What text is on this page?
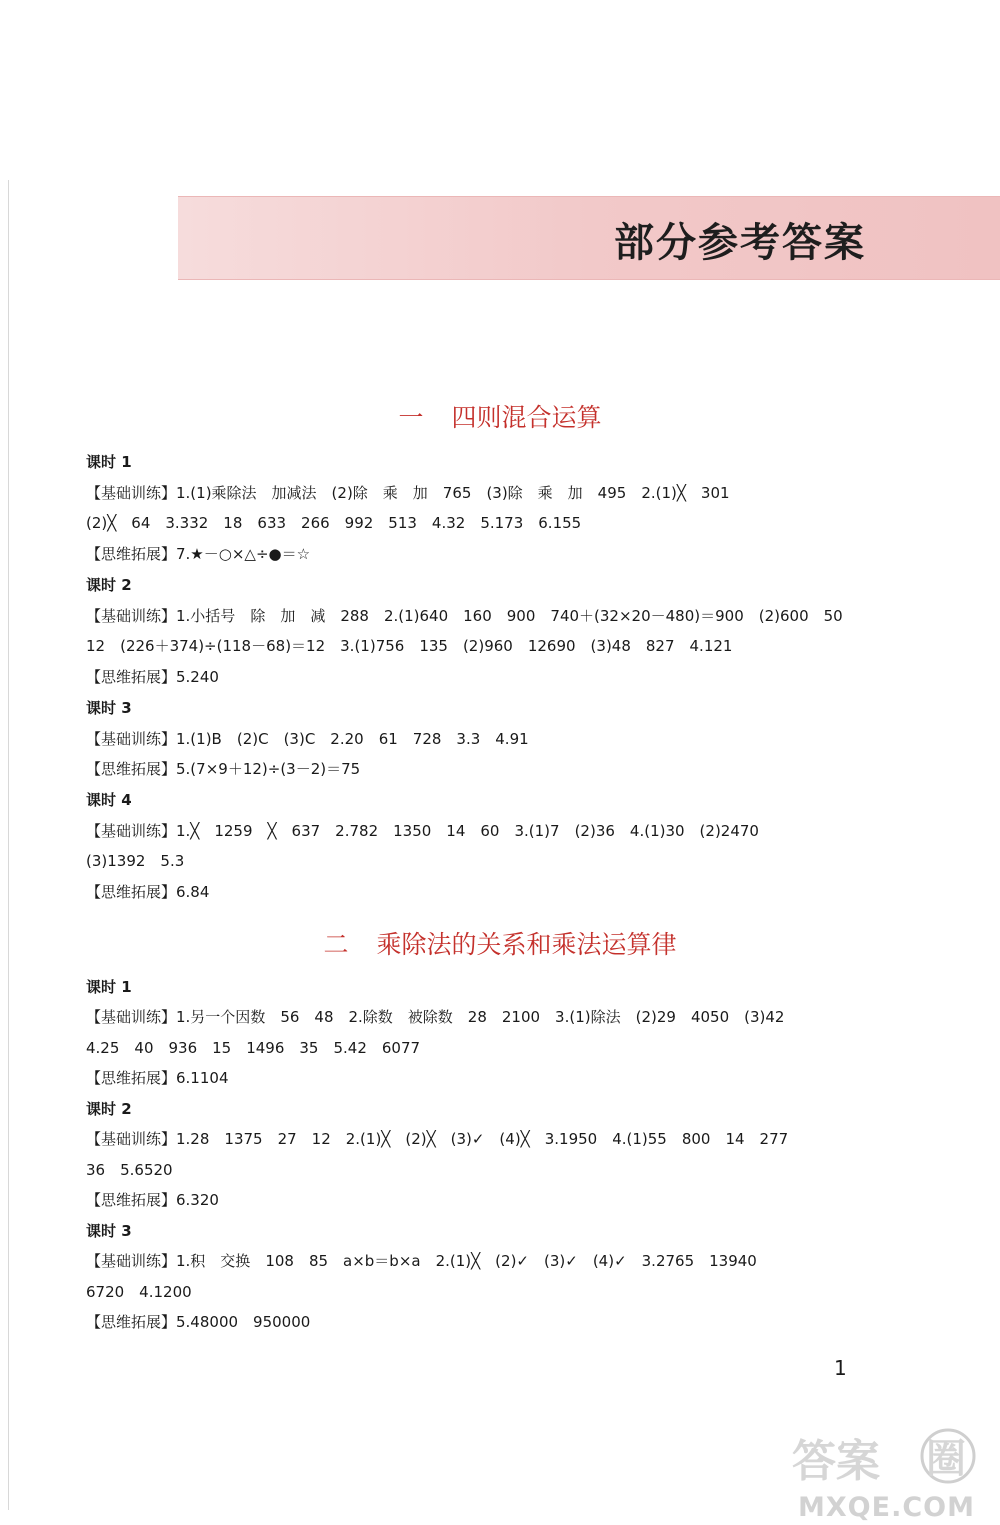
部分参考答案
一 四则混合运算
课时 1
【基础训练】1.(1)乘除法　加减法　(2)除　乘　加　765　(3)除　乘　加　495　2.(1)╳　301
(2)╳　64　3.332　18　633　266　992　513　4.32　5.173　6.155
【思维拓展】7.★－○×△÷●＝☆
课时 2
【基础训练】1.小括号　除　加　减　288　2.(1)640　160　900　740＋(32×20－480)＝900　(2)600　50
12　(226＋374)÷(118－68)＝12　3.(1)756　135　(2)960　12690　(3)48　827　4.121
【思维拓展】5.240
课时 3
【基础训练】1.(1)B　(2)C　(3)C　2.20　61　728　3.3　4.91
【思维拓展】5.(7×9＋12)÷(3－2)＝75
课时 4
【基础训练】1.╳　1259　╳　637　2.782　1350　14　60　3.(1)7　(2)36　4.(1)30　(2)2470
(3)1392　5.3
【思维拓展】6.84
二 乘除法的关系和乘法运算律
课时 1
【基础训练】1.另一个因数　56　48　2.除数　被除数　28　2100　3.(1)除法　(2)29　4050　(3)42
4.25　40　936　15　1496　35　5.42　6077
【思维拓展】6.1104
课时 2
【基础训练】1.28　1375　27　12　2.(1)╳　(2)╳　(3)✓　(4)╳　3.1950　4.(1)55　800　14　277
36　5.6520
【思维拓展】6.320
课时 3
【基础训练】1.积　交换　108　85　a×b＝b×a　2.(1)╳　(2)✓　(3)✓　(4)✓　3.2765　13940
6720　4.1200
【思维拓展】5.48000　950000
1
答案 圈
MXQE.COM
